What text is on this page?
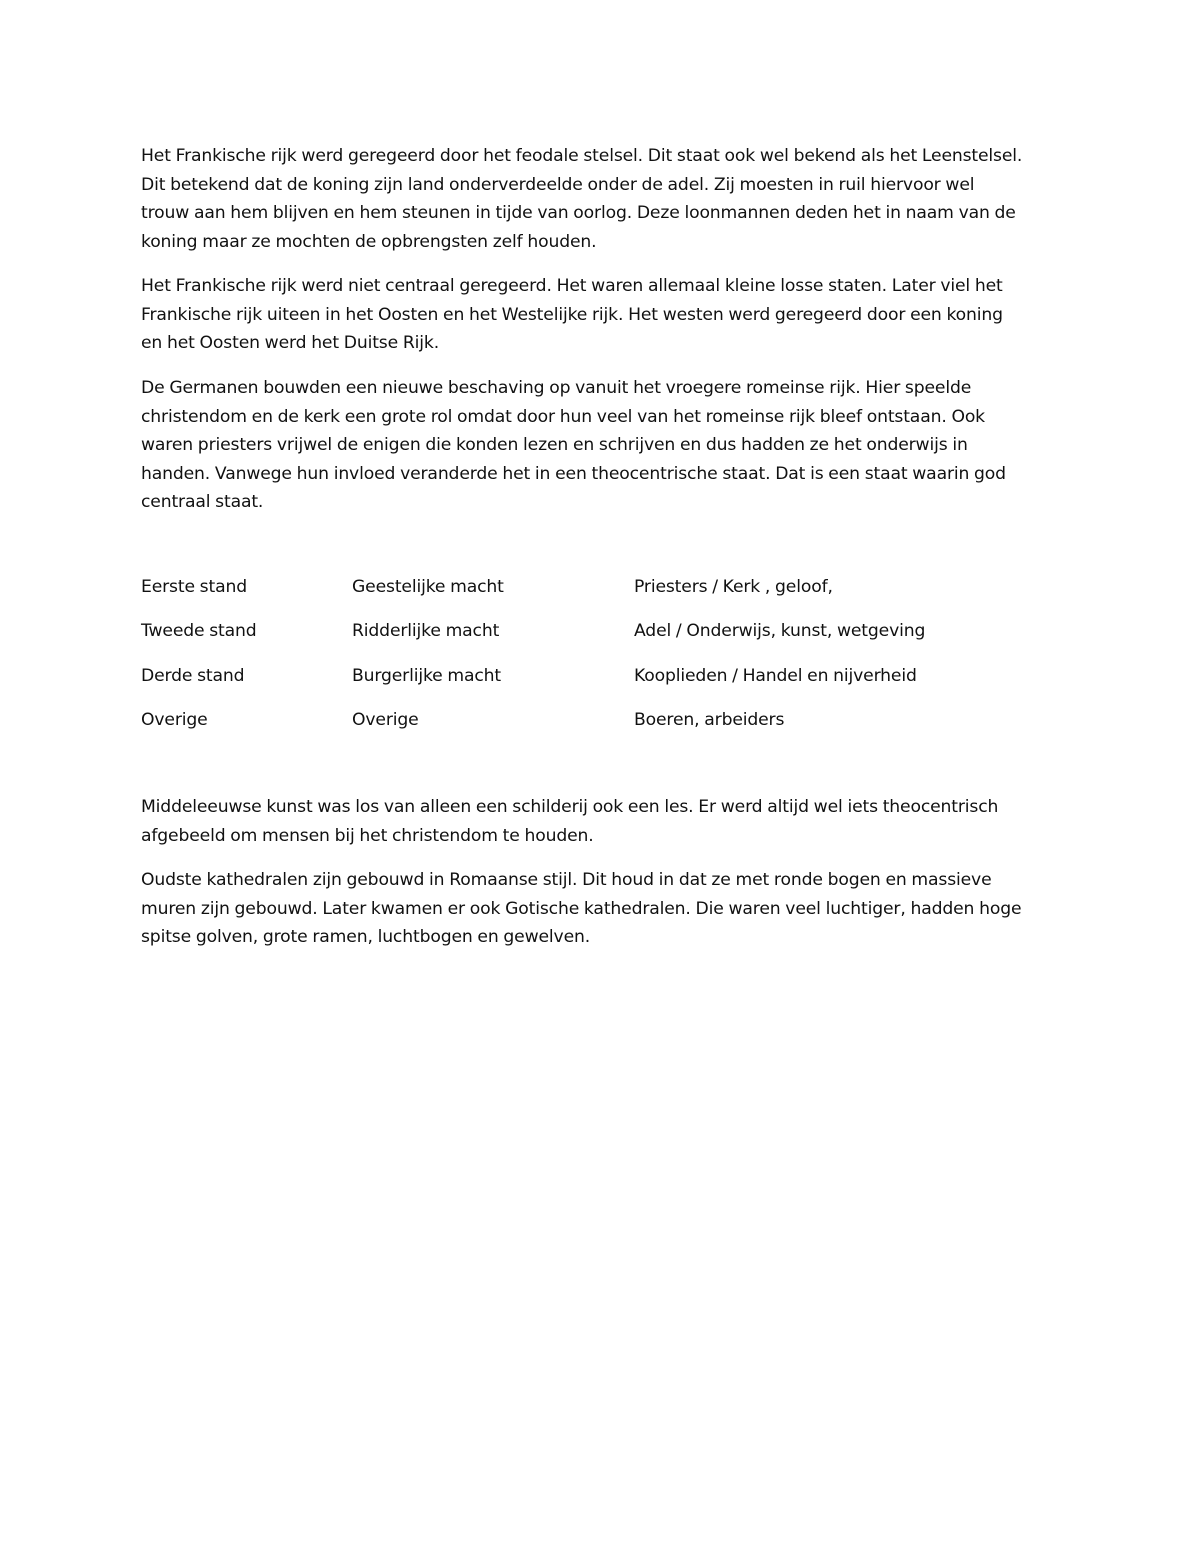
Het Frankische rijk werd geregeerd door het feodale stelsel. Dit staat ook wel bekend als het Leenstelsel.
Dit betekend dat de koning zijn land onderverdeelde onder de adel. Zij moesten in ruil hiervoor wel
trouw aan hem blijven en hem steunen in tijde van oorlog. Deze loonmannen deden het in naam van de
koning maar ze mochten de opbrengsten zelf houden.

Het Frankische rijk werd niet centraal geregeerd. Het waren allemaal kleine losse staten. Later viel het
Frankische rijk uiteen in het Oosten en het Westelijke rijk. Het westen werd geregeerd door een koning
en het Oosten werd het Duitse Rijk.

De Germanen bouwden een nieuwe beschaving op vanuit het vroegere romeinse rijk. Hier speelde
christendom en de kerk een grote rol omdat door hun veel van het romeinse rijk bleef ontstaan. Ook
waren priesters vrijwel de enigen die konden lezen en schrijven en dus hadden ze het onderwijs in
handen. Vanwege hun invloed veranderde het in een theocentrische staat. Dat is een staat waarin god
centraal staat.

Eerste stand	Geestelijke macht	Priesters / Kerk , geloof,
Tweede stand	Ridderlijke macht	Adel / Onderwijs, kunst, wetgeving
Derde stand	Burgerlijke macht	Kooplieden / Handel en nijverheid
Overige	Overige	Boeren, arbeiders

Middeleeuwse kunst was los van alleen een schilderij ook een les. Er werd altijd wel iets theocentrisch
afgebeeld om mensen bij het christendom te houden.

Oudste kathedralen zijn gebouwd in Romaanse stijl. Dit houd in dat ze met ronde bogen en massieve
muren zijn gebouwd. Later kwamen er ook Gotische kathedralen. Die waren veel luchtiger, hadden hoge
spitse golven, grote ramen, luchtbogen en gewelven.
